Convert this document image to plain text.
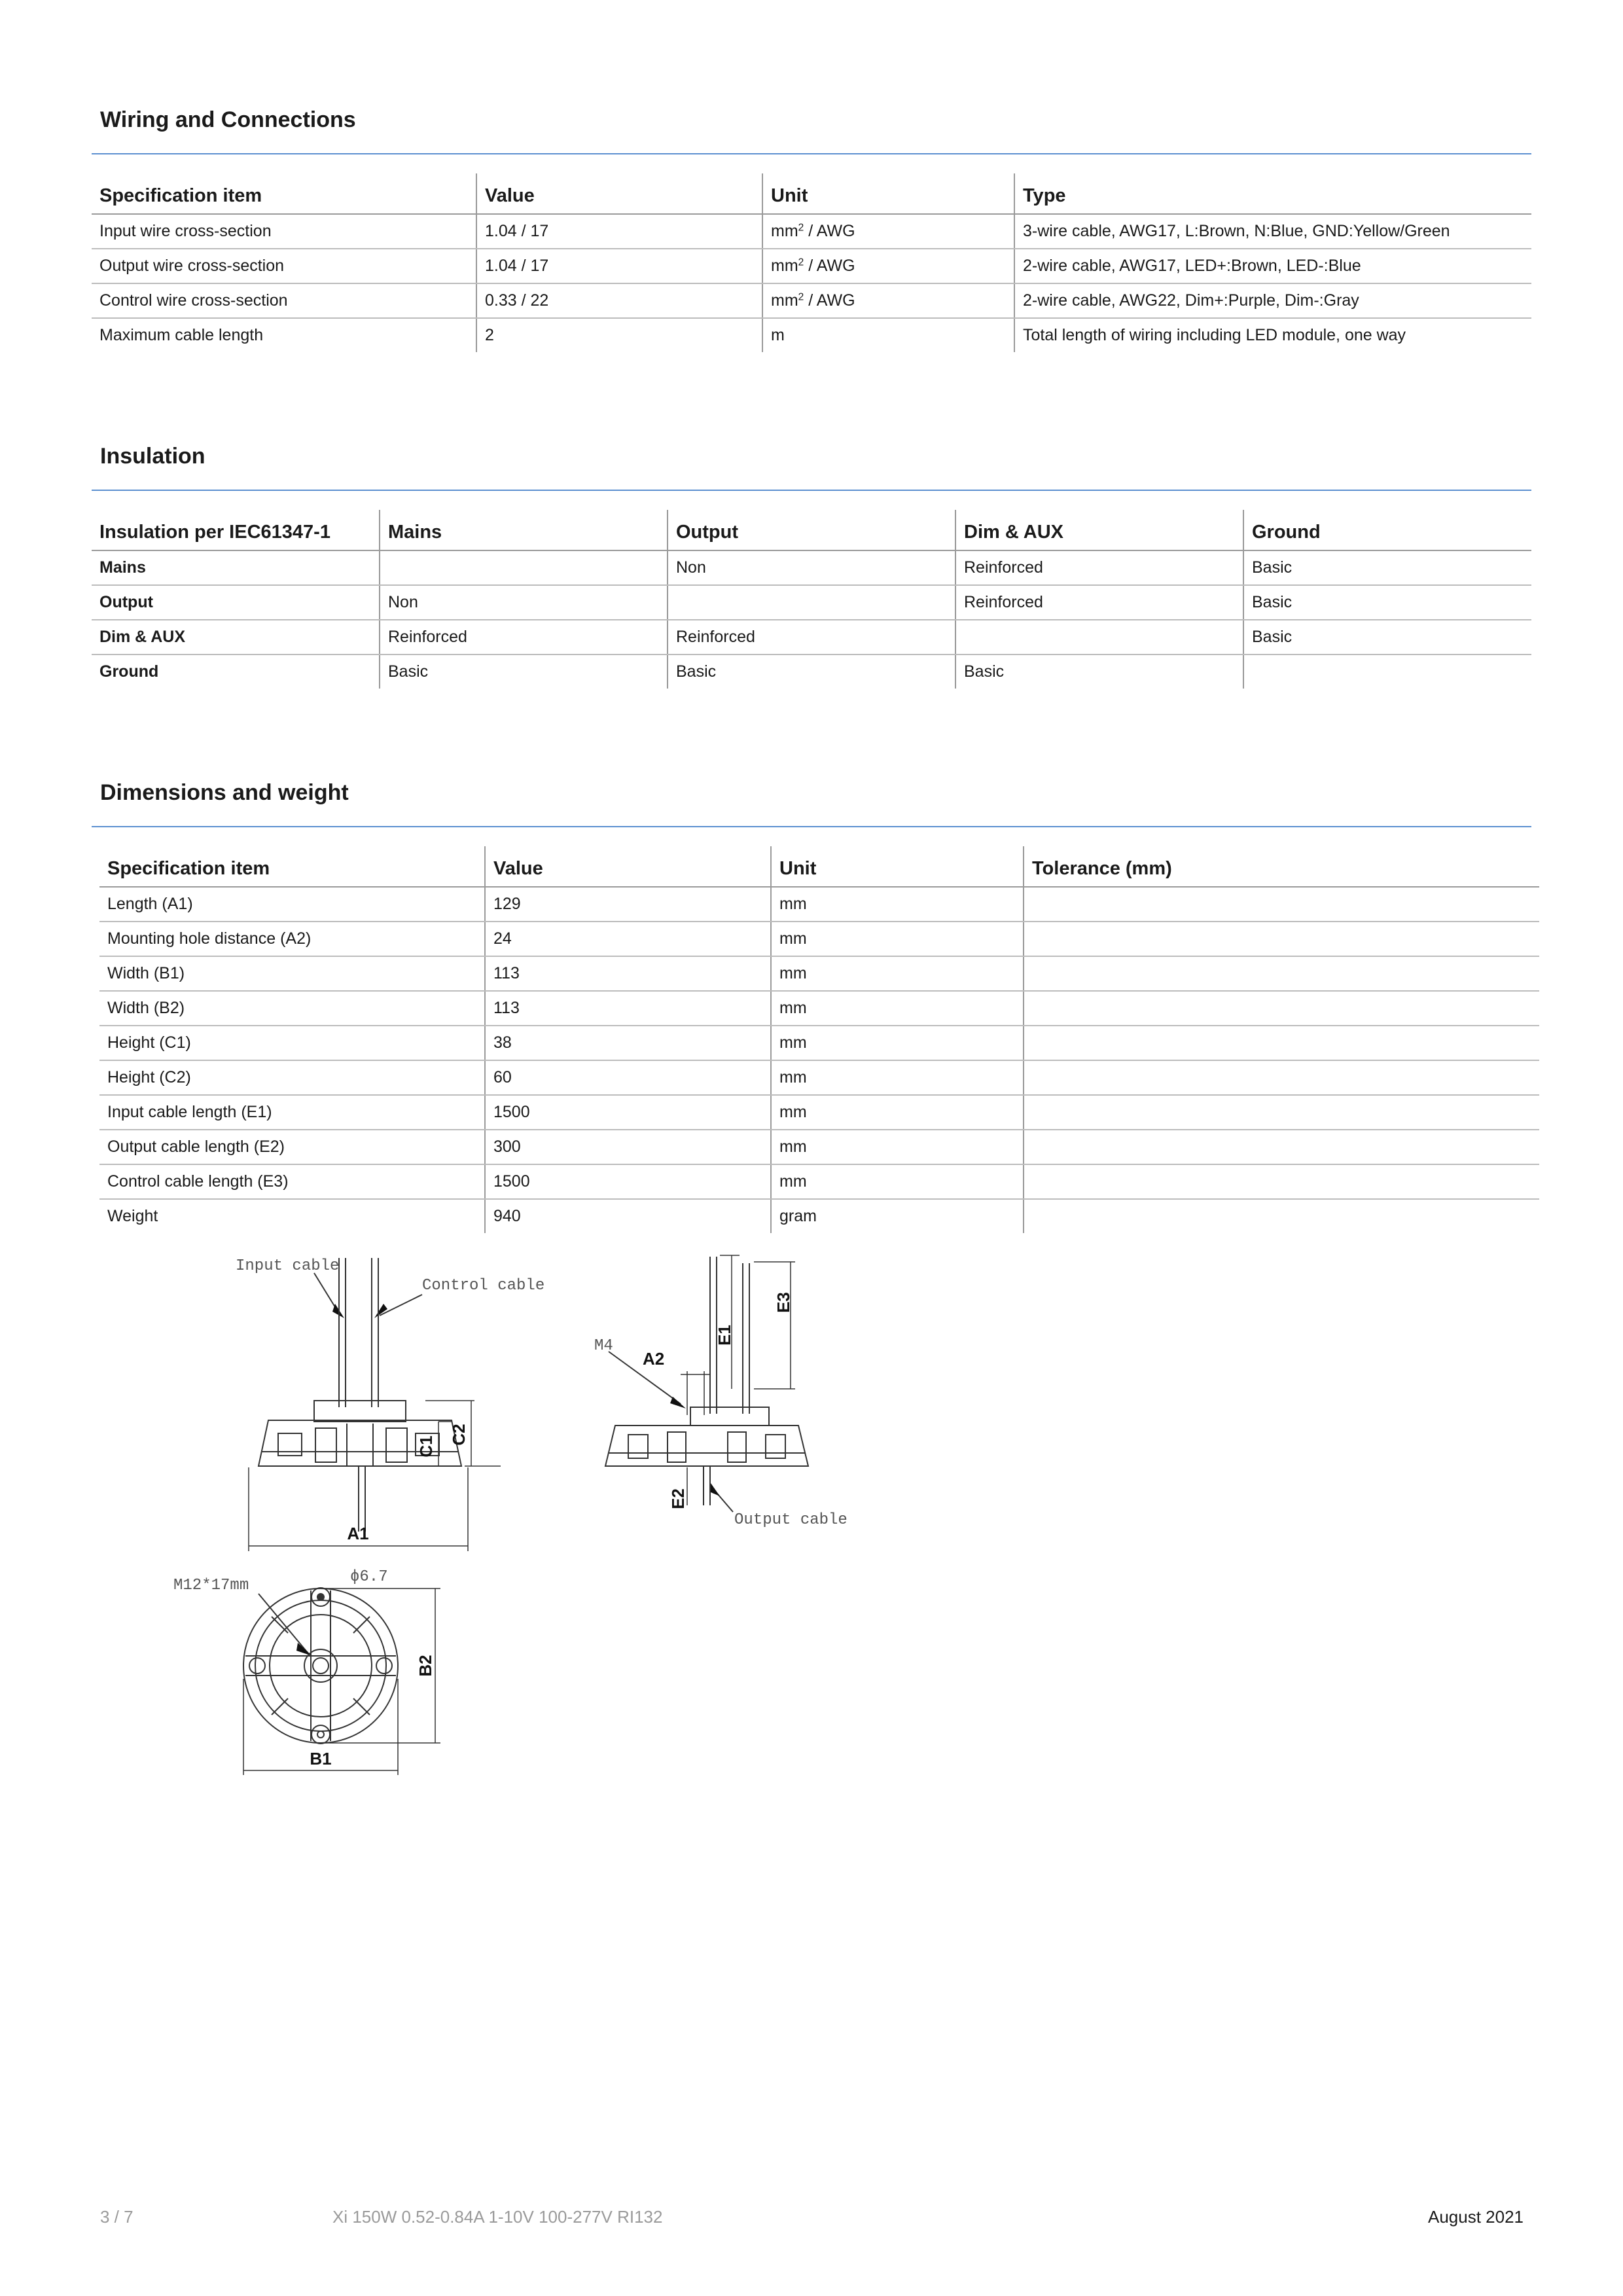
Wiring and Connections
Specification item	Value	Unit	Type
Input wire cross-section	1.04 / 17	$mm^2$ / AWG	3-wire cable, AWG17, L:Brown, N:Blue, GND:Yellow/Green
Output wire cross-section	1.04 / 17	$mm^2$ / AWG	2-wire cable, AWG17, LED+:Brown, LED-:Blue
Control wire cross-section	0.33 / 22	$mm^2$ / AWG	2-wire cable, AWG22, Dim+:Purple, Dim-:Gray
Maximum cable length	2	m	Total length of wiring including LED module, one way
Insulation
Insulation per IEC61347-1	Mains	Output	Dim & AUX	Ground
Mains		Non	Reinforced	Basic
Output	Non		Reinforced	Basic
Dim & AUX	Reinforced	Reinforced		Basic
Ground	Basic	Basic	Basic	
Dimensions and weight
Specification item	Value	Unit	Tolerance (mm)
Length (A1)	129	mm	
Mounting hole distance (A2)	24	mm	
Width (B1)	113	mm	
Width (B2)	113	mm	
Height (C1)	38	mm	
Height (C2)	60	mm	
Input cable length (E1)	1500	mm	
Output cable length (E2)	300	mm	
Control cable length (E3)	1500	mm	
Weight	940	gram	
Input cable
Control cable
A1
C1
C2
M4
A2
E1
E3
E2
Output cable
M12*17mm	ϕ6.7
B2
B1
3 / 7	Xi 150W 0.52-0.84A 1-10V 100-277V RI132	August 2021
